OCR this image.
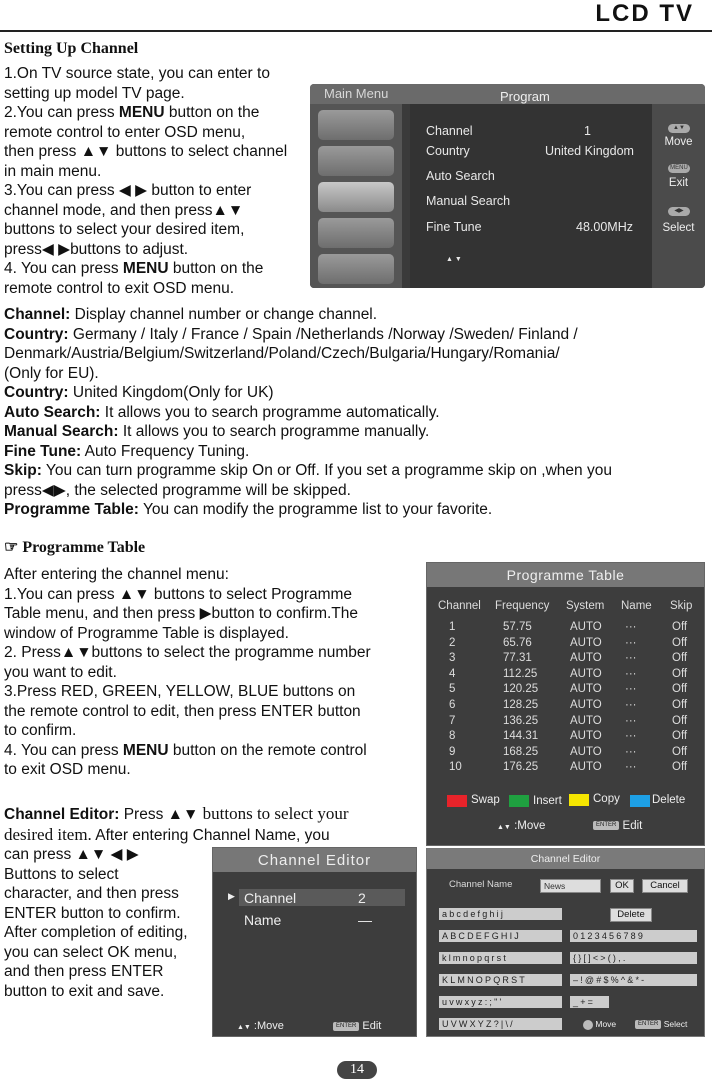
LCD TV
Setting Up Channel
1.On TV source state, you can enter to
setting up model TV page.
2.You can press MENU button on the
remote control to enter OSD menu,
then press ▲▼ buttons to select channel
in main menu.
3.You can press ◀ ▶ button to enter
channel mode, and then press▲▼
buttons to select your desired item,
press◀ ▶buttons to adjust.
4. You can press MENU button on the
remote control to exit OSD menu.
Main Menu	Program
Channel	1
Country	United Kingdom
Auto Search
Manual Search
Fine Tune	48.00MHz
▲ ▼
▲▼
Move
MENU
Exit
◀▶
Select
Channel: Display channel number or change channel.
Country: Germany / Italy / France / Spain /Netherlands /Norway /Sweden/ Finland /
Denmark/Austria/Belgium/Switzerland/Poland/Czech/Bulgaria/Hungary/Romania/
(Only for EU).
Country: United Kingdom(Only for UK)
Auto Search: It allows you to search programme automatically.
Manual Search: It allows you to search programme manually.
Fine Tune: Auto Frequency Tuning.
Skip: You can turn programme skip On or Off. If you set a programme skip on ,when you
press◀▶, the selected programme will be skipped.
Programme Table: You can modify the programme list to your favorite.
☞ Programme Table
After entering the channel menu:
1.You can press ▲▼ buttons to select Programme
Table menu, and then press ▶button to confirm.The
window of Programme Table is displayed.
2. Press▲▼buttons to select the programme number
you want to edit.
3.Press RED, GREEN, YELLOW, BLUE buttons on
the remote control to edit, then press ENTER button
to confirm.
4. You can press MENU button on the remote control
to exit OSD menu.
Programme Table
Channel Frequency System Name Skip
1	57.75	AUTO ···	Off
2	65.76	AUTO ···	Off
3	77.31	AUTO ···	Off
4	112.25	AUTO ···	Off
5	120.25	AUTO ···	Off
6	128.25	AUTO ···	Off
7	136.25	AUTO ···	Off
8	144.31	AUTO ···	Off
9	168.25	AUTO ···	Off
10	176.25	AUTO ···	Off
Swap	Insert	Copy	Delete
▲▼ :Move	ENTER Edit
Channel Editor: Press ▲▼ buttons to select your
desired item. After entering Channel Name, you
can press ▲▼ ◀ ▶
Buttons to select
character, and then press
ENTER button to confirm.
After completion of editing,
you can select OK menu,
and then press ENTER
button to exit and save.
Channel Editor
▶ Channel	2
Name	—
▲▼ :Move	ENTER Edit
Channel Editor
Channel Name	News	OK	Cancel
Delete
abcdefghij
ABCDEFGHIJ
klmnopqrst
KLMNOPQRST
uvwxyz:;"'
UVWXYZ?|\/
0123456789
{}[]<>(),.
–!@#$%^&*-
_+=
Move	ENTER Select
14
